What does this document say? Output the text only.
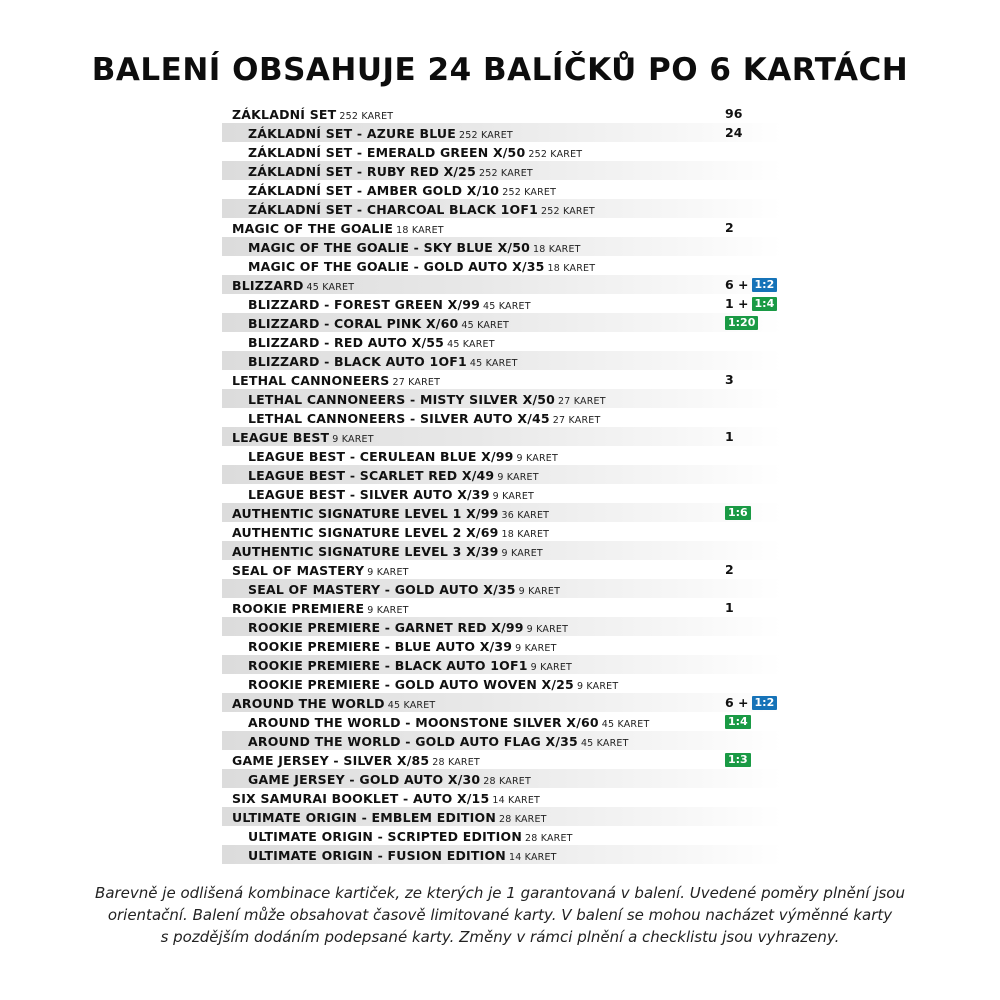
BALENÍ OBSAHUJE 24 BALÍČKŮ PO 6 KARTÁCH
ZÁKLADNÍ SET 252 KARET	96
ZÁKLADNÍ SET - AZURE BLUE 252 KARET	24
ZÁKLADNÍ SET - EMERALD GREEN X/50 252 KARET
ZÁKLADNÍ SET - RUBY RED X/25 252 KARET
ZÁKLADNÍ SET - AMBER GOLD X/10 252 KARET
ZÁKLADNÍ SET - CHARCOAL BLACK 1OF1 252 KARET
MAGIC OF THE GOALIE 18 KARET	2
MAGIC OF THE GOALIE - SKY BLUE X/50 18 KARET
MAGIC OF THE GOALIE - GOLD AUTO X/35 18 KARET
BLIZZARD 45 KARET	6 + 1:2
BLIZZARD - FOREST GREEN X/99 45 KARET	1 + 1:4
BLIZZARD - CORAL PINK X/60 45 KARET	1:20
BLIZZARD - RED AUTO X/55 45 KARET
BLIZZARD - BLACK AUTO 1OF1 45 KARET
LETHAL CANNONEERS 27 KARET	3
LETHAL CANNONEERS - MISTY SILVER X/50 27 KARET
LETHAL CANNONEERS - SILVER AUTO X/45 27 KARET
LEAGUE BEST 9 KARET	1
LEAGUE BEST - CERULEAN BLUE X/99 9 KARET
LEAGUE BEST - SCARLET RED X/49 9 KARET
LEAGUE BEST - SILVER AUTO X/39 9 KARET
AUTHENTIC SIGNATURE LEVEL 1 X/99 36 KARET	1:6
AUTHENTIC SIGNATURE LEVEL 2 X/69 18 KARET
AUTHENTIC SIGNATURE LEVEL 3 X/39 9 KARET
SEAL OF MASTERY 9 KARET	2
SEAL OF MASTERY - GOLD AUTO X/35 9 KARET
ROOKIE PREMIERE 9 KARET	1
ROOKIE PREMIERE - GARNET RED X/99 9 KARET
ROOKIE PREMIERE - BLUE AUTO X/39 9 KARET
ROOKIE PREMIERE - BLACK AUTO 1OF1 9 KARET
ROOKIE PREMIERE - GOLD AUTO WOVEN X/25 9 KARET
AROUND THE WORLD 45 KARET	6 + 1:2
AROUND THE WORLD - MOONSTONE SILVER X/60 45 KARET	1:4
AROUND THE WORLD - GOLD AUTO FLAG X/35 45 KARET
GAME JERSEY - SILVER X/85 28 KARET	1:3
GAME JERSEY - GOLD AUTO X/30 28 KARET
SIX SAMURAI BOOKLET - AUTO X/15 14 KARET
ULTIMATE ORIGIN - EMBLEM EDITION 28 KARET
ULTIMATE ORIGIN - SCRIPTED EDITION 28 KARET
ULTIMATE ORIGIN - FUSION EDITION 14 KARET
Barevně je odlišená kombinace kartiček, ze kterých je 1 garantovaná v balení. Uvedené poměry plnění jsou
orientační. Balení může obsahovat časově limitované karty. V balení se mohou nacházet výměnné karty
s pozdějším dodáním podepsané karty. Změny v rámci plnění a checklistu jsou vyhrazeny.
